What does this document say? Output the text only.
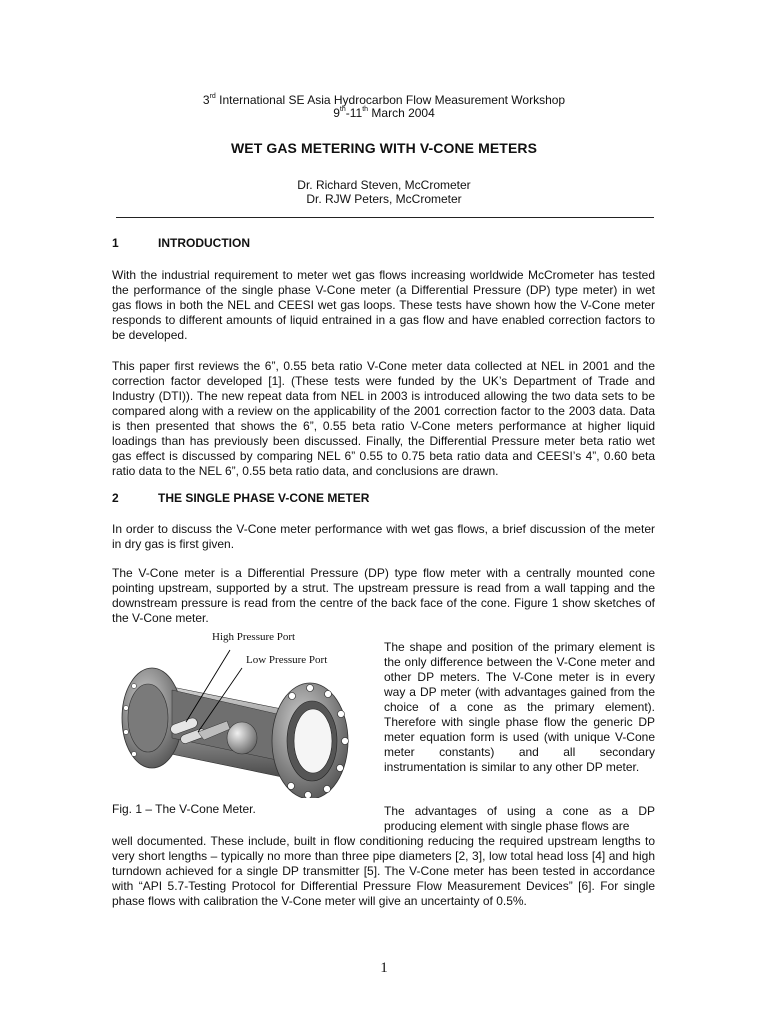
3rd International SE Asia Hydrocarbon Flow Measurement Workshop
9th-11th March 2004
WET GAS METERING WITH V-CONE METERS
Dr. Richard Steven, McCrometer
Dr. RJW Peters, McCrometer
1	INTRODUCTION
With the industrial requirement to meter wet gas flows increasing worldwide McCrometer has tested the performance of the single phase V-Cone meter (a Differential Pressure (DP) type meter) in wet gas flows in both the NEL and CEESI wet gas loops. These tests have shown how the V-Cone meter responds to different amounts of liquid entrained in a gas flow and have enabled correction factors to be developed.
This paper first reviews the 6”, 0.55 beta ratio V-Cone meter data collected at NEL in 2001 and the correction factor developed [1]. (These tests were funded by the UK’s Department of Trade and Industry (DTI)). The new repeat data from NEL in 2003 is introduced allowing the two data sets to be compared along with a review on the applicability of the 2001 correction factor to the 2003 data. Data is then presented that shows the 6”, 0.55 beta ratio V-Cone meters performance at higher liquid loadings than has previously been discussed. Finally, the Differential Pressure meter beta ratio wet gas effect is discussed by comparing NEL 6” 0.55 to 0.75 beta ratio data and CEESI’s 4”, 0.60 beta ratio data to the NEL 6”, 0.55 beta ratio data, and conclusions are drawn.
2	THE SINGLE PHASE V-CONE METER
In order to discuss the V-Cone meter performance with wet gas flows, a brief discussion of the meter in dry gas is first given.
The V-Cone meter is a Differential Pressure (DP) type flow meter with a centrally mounted cone pointing upstream, supported by a strut. The upstream pressure is read from a wall tapping and the downstream pressure is read from the centre of the back face of the cone. Figure 1 show sketches of the V-Cone meter.
High Pressure Port
Low Pressure Port
The shape and position of the primary element is the only difference between the V-Cone meter and other DP meters. The V-Cone meter is in every way a DP meter (with advantages gained from the choice of a cone as the primary element). Therefore with single phase flow the generic DP meter equation form is used (with unique V-Cone meter constants) and all secondary instrumentation is similar to any other DP meter.
Fig. 1 – The V-Cone Meter.	The advantages of using a cone as a DP producing element with single phase flows are
well documented. These include, built in flow conditioning reducing the required upstream lengths to very short lengths – typically no more than three pipe diameters [2, 3], low total head loss [4] and high turndown achieved for a single DP transmitter [5]. The V-Cone meter has been tested in accordance with “API 5.7-Testing Protocol for Differential Pressure Flow Measurement Devices” [6]. For single phase flows with calibration the V-Cone meter will give an uncertainty of 0.5%.
1
